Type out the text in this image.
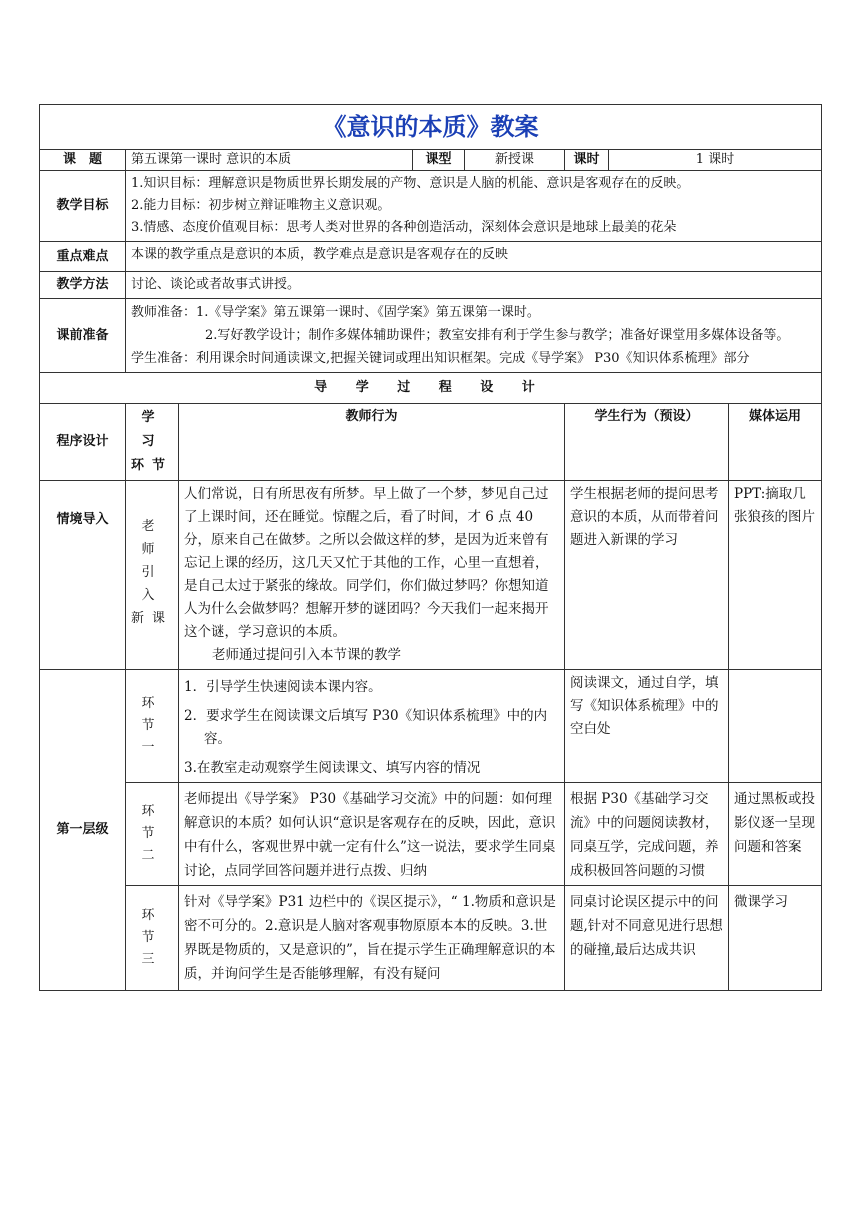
《意识的本质》教案							
课　题	第五课第一课时 意识的本质		课型	新授课	课时	1 课时	
教学目标	1.知识目标：理解意识是物质世界长期发展的产物、意识是人脑的机能、意识是客观存在的反映。
2.能力目标：初步树立辩证唯物主义意识观。
3.情感、态度价值观目标：思考人类对世界的各种创造活动，深刻体会意识是地球上最美的花朵						

重点难点	本课的教学重点是意识的本质，教学难点是意识是客观存在的反映						
教学方法	讨论、谈论或者故事式讲授。						
课前准备	教师准备：1.《导学案》第五课第一课时、《固学案》第五课第一课时。
2.写好教学设计；制作多媒体辅助课件；教室安排有利于学生参与教学；准备好课堂用多媒体设备等。
学生准备：利用课余时间通读课文,把握关键词或理出知识框架。完成《导学案》 P30《知识体系梳理》部分						

导 学 过 程 设 计							
程序设计	学 习 环节	教师行为			学生行为（预设）		媒体运用
情境导入	老 师 引 入 新课	人们常说，日有所思夜有所梦。早上做了一个梦，梦见自己过了上课时间，还在睡觉。惊醒之后，看了时间，才 6 点 40 分，原来自己在做梦。之所以会做这样的梦，是因为近来曾有忘记上课的经历，这几天又忙于其他的工作，心里一直想着，是自己太过于紧张的缘故。同学们，你们做过梦吗？你想知道人为什么会做梦吗？想解开梦的谜团吗？今天我们一起来揭开这个谜，学习意识的本质。
老师通过提问引入本节课的教学			学生根据老师的提问思考意识的本质，从而带着问题进入新课的学习		PPT:摘取几张狼孩的图片
第一层级	环 节 一	1．引导学生快速阅读本课内容。
2．要求学生在阅读课文后填写 P30《知识体系梳理》中的内容。
3.在教室走动观察学生阅读课文、填写内容的情况			阅读课文，通过自学，填写《知识体系梳理》中的空白处		
	环 节 二	老师提出《导学案》 P30《基础学习交流》中的问题：如何理解意识的本质？如何认识“意识是客观存在的反映，因此，意识中有什么，客观世界中就一定有什么”这一说法，要求学生同桌讨论，点同学回答问题并进行点拨、归纳			根据 P30《基础学习交流》中的问题阅读教材，同桌互学，完成问题，养成积极回答问题的习惯		通过黑板或投影仪逐一呈现问题和答案
	环 节 三	针对《导学案》P31 边栏中的《误区提示》，“ 1.物质和意识是密不可分的。2.意识是人脑对客观事物原原本本的反映。3.世界既是物质的，又是意识的”，旨在提示学生正确理解意识的本质，并询问学生是否能够理解，有没有疑问			同桌讨论误区提示中的问题,针对不同意见进行思想的碰撞,最后达成共识		微课学习
